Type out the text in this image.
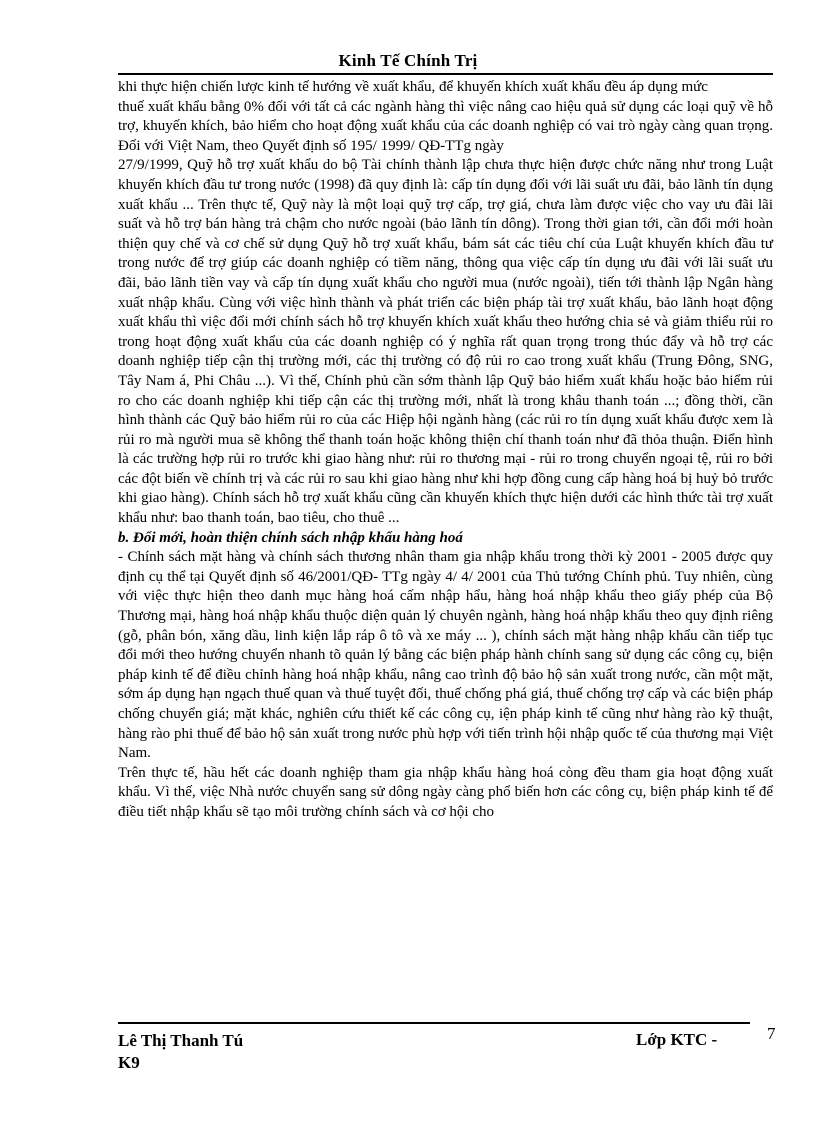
Kinh Tế Chính Trị

khi thực hiện chiến lược kinh tế hướng về xuất khẩu, để khuyến khích xuất khẩu đều áp dụng mức

thuế xuất khẩu bằng 0% đối với tất cả các ngành hàng thì việc nâng cao hiệu quả sử dụng các loại quỹ về hỗ trợ, khuyến khích, bảo hiểm cho hoạt động xuất khẩu của các doanh nghiệp có vai trò ngày càng quan trọng. Đối với Việt Nam, theo Quyết định số 195/ 1999/ QĐ-TTg ngày

27/9/1999, Quỹ hỗ trợ xuất khẩu do bộ Tài chính thành lập chưa thực hiện được chức năng như trong Luật khuyến khích đầu tư trong nước (1998) đã quy định là: cấp tín dụng đối với lãi suất ưu đãi, bảo lãnh tín dụng xuất khẩu ... Trên thực tế, Quỹ này là một loại quỹ trợ cấp, trợ giá, chưa làm được việc cho vay ưu đãi lãi suất và hỗ trợ bán hàng trả chậm cho nước ngoài (bảo lãnh tín dông). Trong thời gian tới, cần đổi mới hoàn thiện quy chế và cơ chế sử dụng Quỹ hỗ trợ xuất khẩu, bám sát các tiêu chí của Luật khuyến khích đầu tư trong nước để trợ giúp các doanh nghiệp có tiềm năng, thông qua việc cấp tín dụng ưu đãi với lãi suất ưu đãi, bảo lãnh tiền vay và cấp tín dụng xuất khẩu cho người mua (nước ngoài), tiến tới thành lập Ngân hàng xuất nhập khẩu. Cùng với việc hình thành và phát triển các biện pháp tài trợ xuất khẩu, bảo lãnh hoạt động xuất khẩu thì việc đổi mới chính sách hỗ trợ khuyến khích xuất khẩu theo hướng chia sẻ và giảm thiểu rủi ro trong hoạt động xuất khẩu của các doanh nghiệp có ý nghĩa rất quan trọng trong thúc đẩy và hỗ trợ các doanh nghiệp tiếp cận thị trường mới, các thị trường có độ rủi ro cao trong xuất khẩu (Trung Đông, SNG, Tây Nam á, Phi Châu ...). Vì thế, Chính phủ cần sớm thành lập Quỹ bảo hiểm xuất khẩu hoặc bảo hiểm rủi ro cho các doanh nghiệp khi tiếp cận các thị trường mới, nhất là trong khâu thanh toán ...; đồng thời, cần hình thành các Quỹ bảo hiểm rủi ro của các Hiệp hội ngành hàng (các rủi ro tín dụng xuất khẩu được xem là rủi ro mà người mua sẽ không thể thanh toán hoặc không thiện chí thanh toán như đã thỏa thuận. Điển hình là các trường hợp rủi ro trước khi giao hàng như: rủi ro thương mại - rủi ro trong chuyển ngoại tệ, rủi ro bởi các đột biến về chính trị và các rủi ro sau khi giao hàng như khi hợp đồng cung cấp hàng hoá bị huỷ bỏ trước khi giao hàng). Chính sách hỗ trợ xuất khẩu cũng cần khuyến khích thực hiện dưới các hình thức tài trợ xuất khẩu như: bao thanh toán, bao tiêu, cho thuê ...

b. Đổi mới, hoàn thiện chính sách nhập khẩu hàng hoá

- Chính sách mặt hàng và chính sách thương nhân tham gia nhập khẩu trong thời kỳ 2001 - 2005 được quy định cụ thể tại Quyết định số 46/2001/QĐ- TTg ngày 4/ 4/ 2001 của Thủ tướng Chính phủ. Tuy nhiên, cùng với việc thực hiện theo danh mục hàng hoá cấm nhập hẩu, hàng hoá nhập khẩu theo giấy phép của Bộ Thương mại, hàng hoá nhập khẩu thuộc diện quản lý chuyên ngành, hàng hoá nhập khẩu theo quy định riêng (gỗ, phân bón, xăng dầu, linh kiện lắp ráp ô tô và xe máy ... ), chính sách mặt hàng nhập khẩu cần tiếp tục đổi mới theo hướng chuyển nhanh tõ quản lý bằng các biện pháp hành chính sang sử dụng các công cụ, biện pháp kinh tế để điều chỉnh hàng hoá nhập khẩu, nâng cao trình độ bảo hộ sản xuất trong nước, cần một mặt, sớm áp dụng hạn ngạch thuế quan và thuế tuyệt đối, thuế chống phá giá, thuế chống trợ cấp và các biện pháp chống chuyển giá; mặt khác, nghiên cứu thiết kế các công cụ, iện pháp kinh tế cũng như hàng rào kỹ thuật, hàng rào phi thuế để bảo hộ sản xuất trong nước phù hợp với tiến trình hội nhập quốc tế của thương mại Việt Nam.

Trên thực tế, hầu hết các doanh nghiệp tham gia nhập khẩu hàng hoá còng đều tham gia hoạt động xuất khẩu. Vì thế, việc Nhà nước chuyển sang sử dông ngày càng phổ biến hơn các công cụ, biện pháp kinh tế để điều tiết nhập khẩu sẽ tạo môi trường chính sách và cơ hội cho

Lê Thị Thanh Tú
K9
Lớp KTC -	7
